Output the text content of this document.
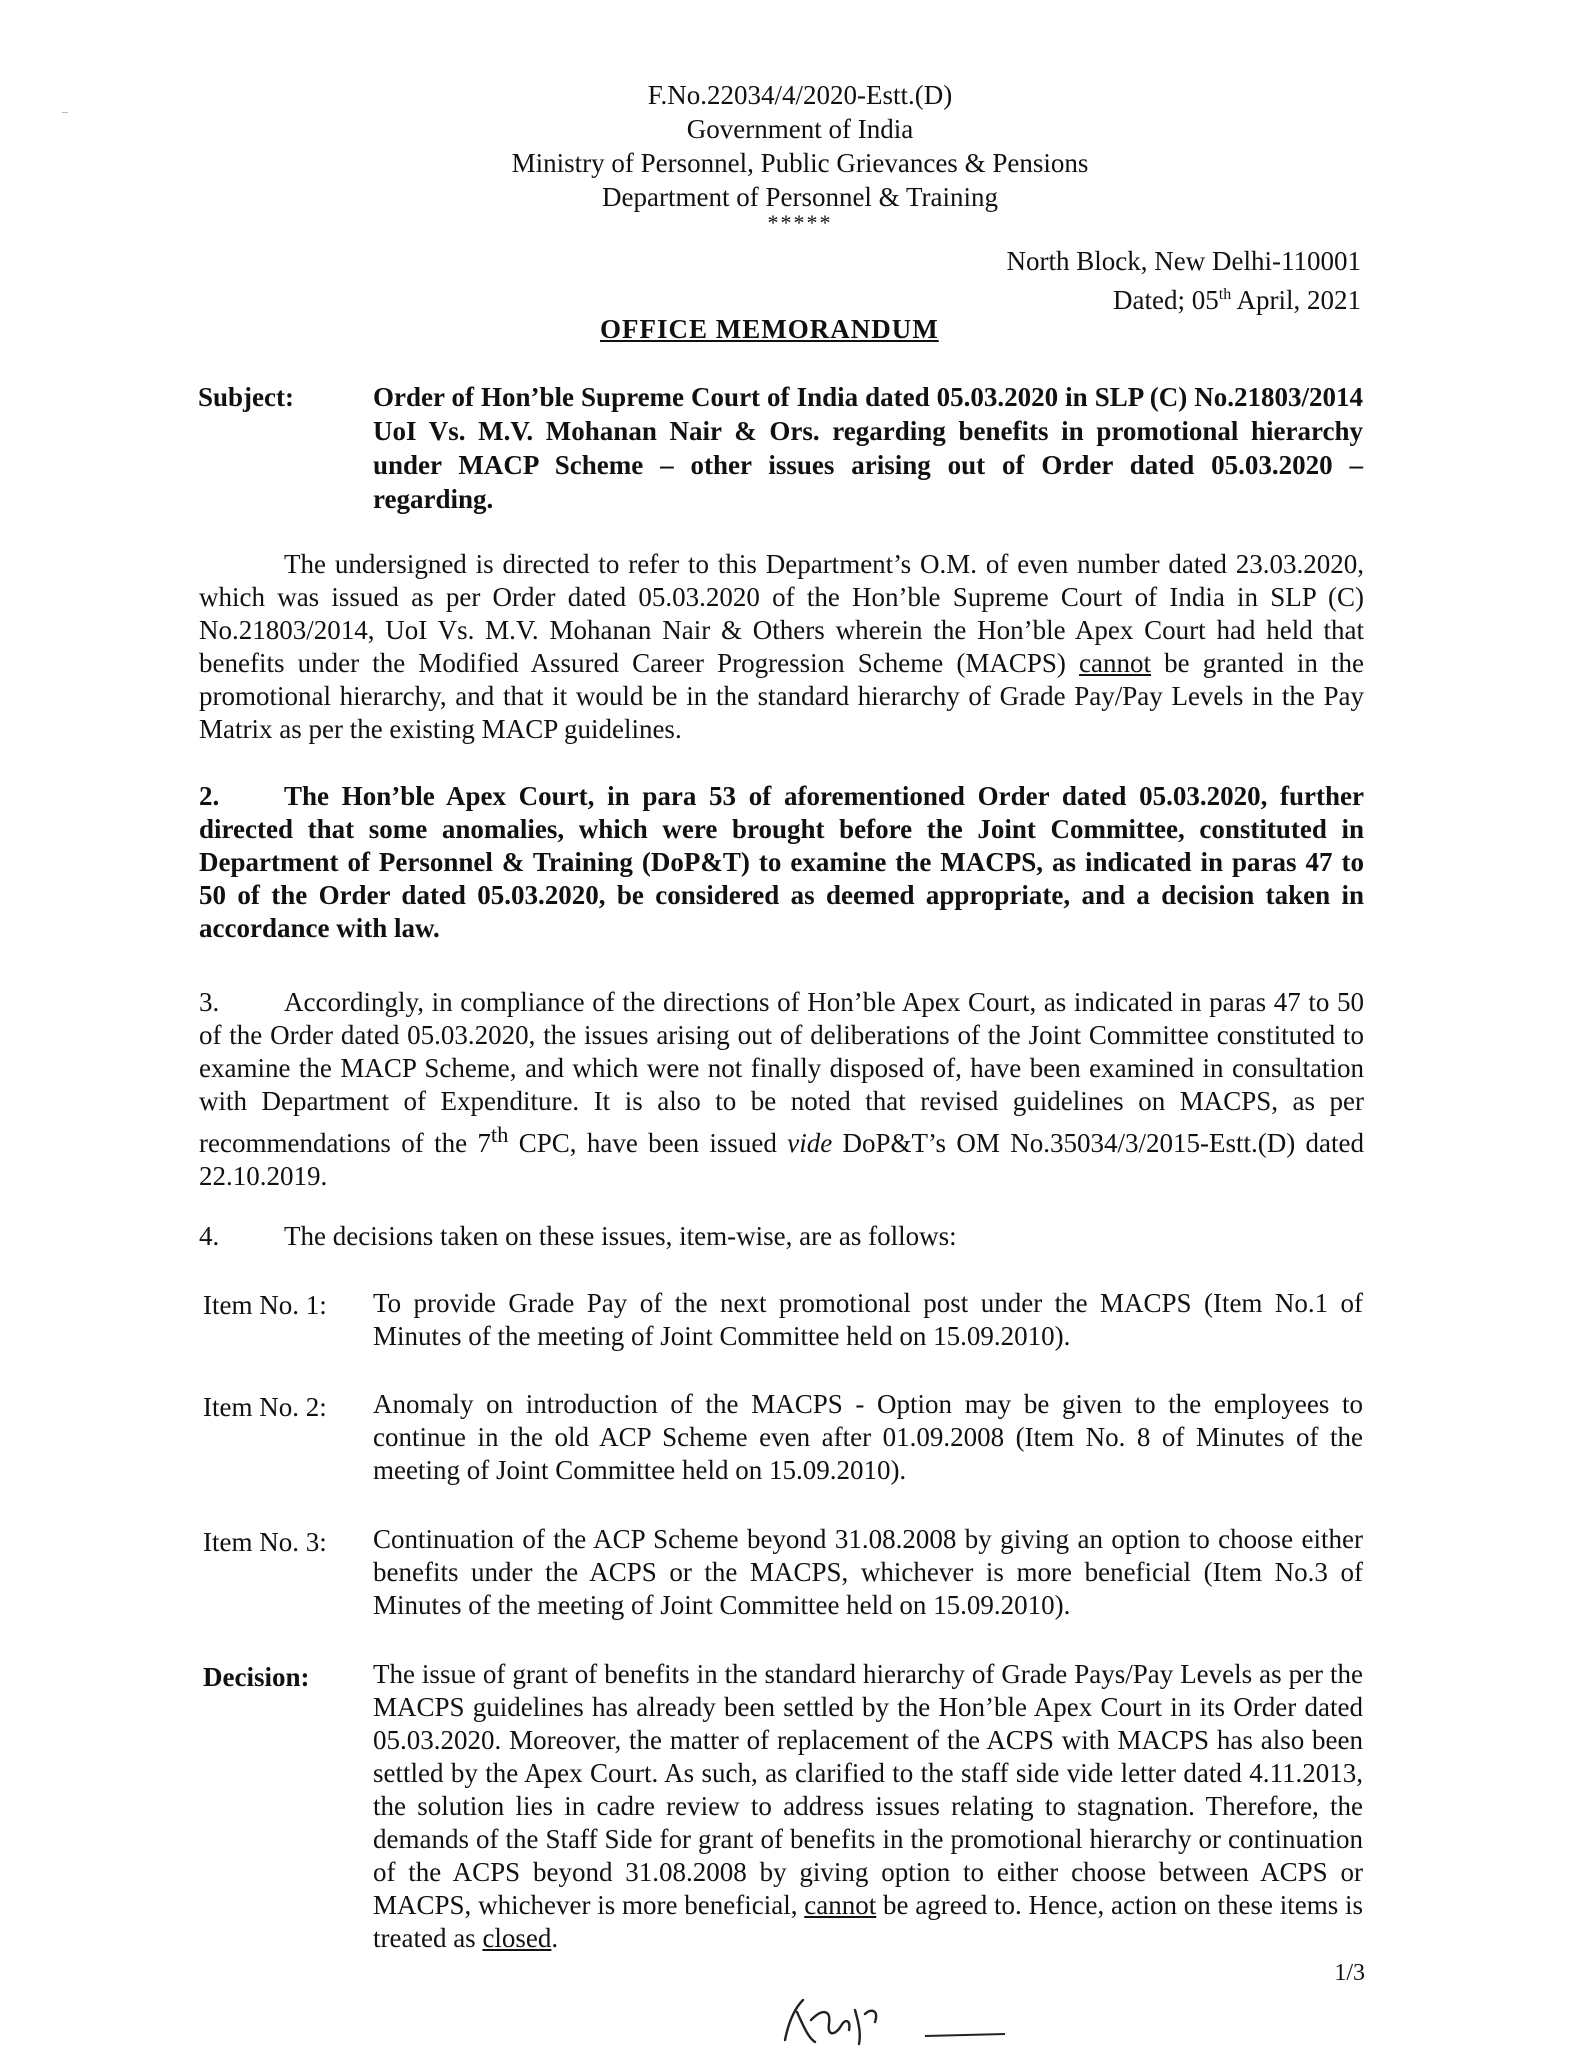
F.No.22034/4/2020-Estt.(D)
Government of India
Ministry of Personnel, Public Grievances & Pensions
Department of Personnel & Training
*****
North Block, New Delhi-110001
Dated; 05th April, 2021
OFFICE MEMORANDUM
Subject:	Order of Hon’ble Supreme Court of India dated 05.03.2020 in SLP (C) No.21803/2014 UoI Vs. M.V. Mohanan Nair & Ors. regarding benefits in promotional hierarchy under MACP Scheme – other issues arising out of Order dated 05.03.2020 – regarding.
The undersigned is directed to refer to this Department’s O.M. of even number dated 23.03.2020, which was issued as per Order dated 05.03.2020 of the Hon’ble Supreme Court of India in SLP (C) No.21803/2014, UoI Vs. M.V. Mohanan Nair & Others wherein the Hon’ble Apex Court had held that benefits under the Modified Assured Career Progression Scheme (MACPS) cannot be granted in the promotional hierarchy, and that it would be in the standard hierarchy of Grade Pay/Pay Levels in the Pay Matrix as per the existing MACP guidelines.
2. The Hon’ble Apex Court, in para 53 of aforementioned Order dated 05.03.2020, further directed that some anomalies, which were brought before the Joint Committee, constituted in Department of Personnel & Training (DoP&T) to examine the MACPS, as indicated in paras 47 to 50 of the Order dated 05.03.2020, be considered as deemed appropriate, and a decision taken in accordance with law.
3. Accordingly, in compliance of the directions of Hon’ble Apex Court, as indicated in paras 47 to 50 of the Order dated 05.03.2020, the issues arising out of deliberations of the Joint Committee constituted to examine the MACP Scheme, and which were not finally disposed of, have been examined in consultation with Department of Expenditure. It is also to be noted that revised guidelines on MACPS, as per recommendations of the 7th CPC, have been issued vide DoP&T’s OM No.35034/3/2015-Estt.(D) dated 22.10.2019.
4. The decisions taken on these issues, item-wise, are as follows:
Item No. 1: To provide Grade Pay of the next promotional post under the MACPS (Item No.1 of Minutes of the meeting of Joint Committee held on 15.09.2010).
Item No. 2: Anomaly on introduction of the MACPS - Option may be given to the employees to continue in the old ACP Scheme even after 01.09.2008 (Item No. 8 of Minutes of the meeting of Joint Committee held on 15.09.2010).
Item No. 3: Continuation of the ACP Scheme beyond 31.08.2008 by giving an option to choose either benefits under the ACPS or the MACPS, whichever is more beneficial (Item No.3 of Minutes of the meeting of Joint Committee held on 15.09.2010).
Decision: The issue of grant of benefits in the standard hierarchy of Grade Pays/Pay Levels as per the MACPS guidelines has already been settled by the Hon’ble Apex Court in its Order dated 05.03.2020. Moreover, the matter of replacement of the ACPS with MACPS has also been settled by the Apex Court. As such, as clarified to the staff side vide letter dated 4.11.2013, the solution lies in cadre review to address issues relating to stagnation. Therefore, the demands of the Staff Side for grant of benefits in the promotional hierarchy or continuation of the ACPS beyond 31.08.2008 by giving option to either choose between ACPS or MACPS, whichever is more beneficial, cannot be agreed to. Hence, action on these items is treated as closed.
1/3
